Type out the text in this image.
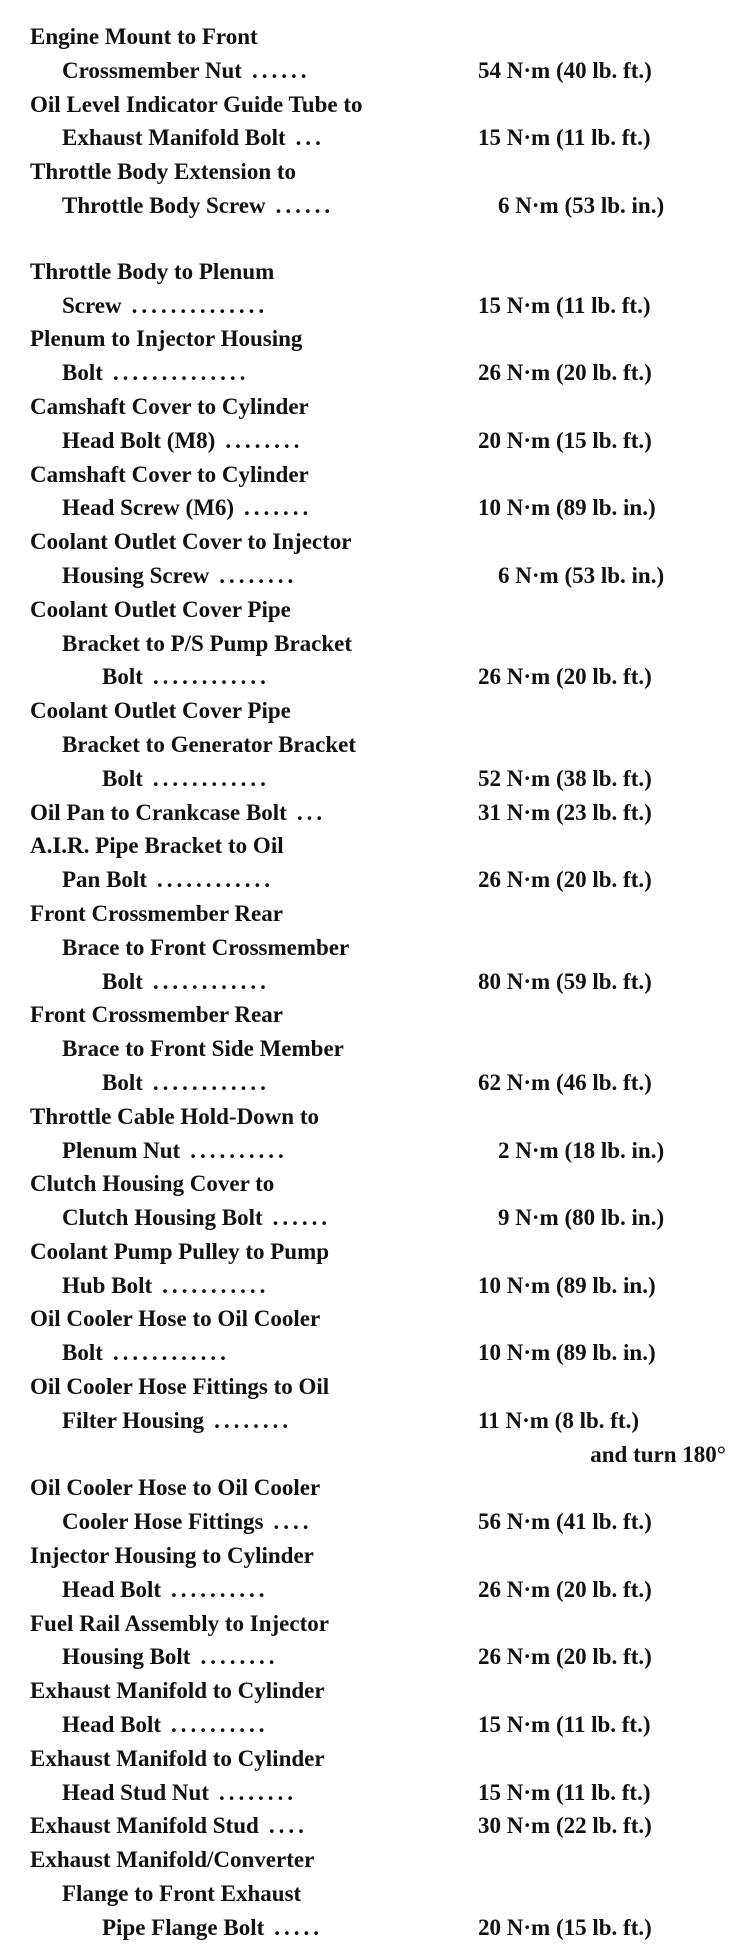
Engine Mount to Front
Crossmember Nut ......	54 N·m (40 lb. ft.)
Oil Level Indicator Guide Tube to
Exhaust Manifold Bolt ...	15 N·m (11 lb. ft.)
Throttle Body Extension to
Throttle Body Screw ......	6 N·m (53 lb. in.)
Throttle Body to Plenum
Screw ..............	15 N·m (11 lb. ft.)
Plenum to Injector Housing
Bolt ..............	26 N·m (20 lb. ft.)
Camshaft Cover to Cylinder
Head Bolt (M8) ........	20 N·m (15 lb. ft.)
Camshaft Cover to Cylinder
Head Screw (M6) .......	10 N·m (89 lb. in.)
Coolant Outlet Cover to Injector
Housing Screw ........	6 N·m (53 lb. in.)
Coolant Outlet Cover Pipe
Bracket to P/S Pump Bracket
Bolt ............	26 N·m (20 lb. ft.)
Coolant Outlet Cover Pipe
Bracket to Generator Bracket
Bolt ............	52 N·m (38 lb. ft.)
Oil Pan to Crankcase Bolt ...	31 N·m (23 lb. ft.)
A.I.R. Pipe Bracket to Oil
Pan Bolt ............	26 N·m (20 lb. ft.)
Front Crossmember Rear
Brace to Front Crossmember
Bolt ............	80 N·m (59 lb. ft.)
Front Crossmember Rear
Brace to Front Side Member
Bolt ............	62 N·m (46 lb. ft.)
Throttle Cable Hold-Down to
Plenum Nut ..........	2 N·m (18 lb. in.)
Clutch Housing Cover to
Clutch Housing Bolt ......	9 N·m (80 lb. in.)
Coolant Pump Pulley to Pump
Hub Bolt ...........	10 N·m (89 lb. in.)
Oil Cooler Hose to Oil Cooler
Bolt ............	10 N·m (89 lb. in.)
Oil Cooler Hose Fittings to Oil
Filter Housing ........	11 N·m (8 lb. ft.)
and turn 180°
Oil Cooler Hose to Oil Cooler
Cooler Hose Fittings ....	56 N·m (41 lb. ft.)
Injector Housing to Cylinder
Head Bolt ..........	26 N·m (20 lb. ft.)
Fuel Rail Assembly to Injector
Housing Bolt ........	26 N·m (20 lb. ft.)
Exhaust Manifold to Cylinder
Head Bolt ..........	15 N·m (11 lb. ft.)
Exhaust Manifold to Cylinder
Head Stud Nut ........	15 N·m (11 lb. ft.)
Exhaust Manifold Stud ....	30 N·m (22 lb. ft.)
Exhaust Manifold/Converter
Flange to Front Exhaust
Pipe Flange Bolt .....	20 N·m (15 lb. ft.)
